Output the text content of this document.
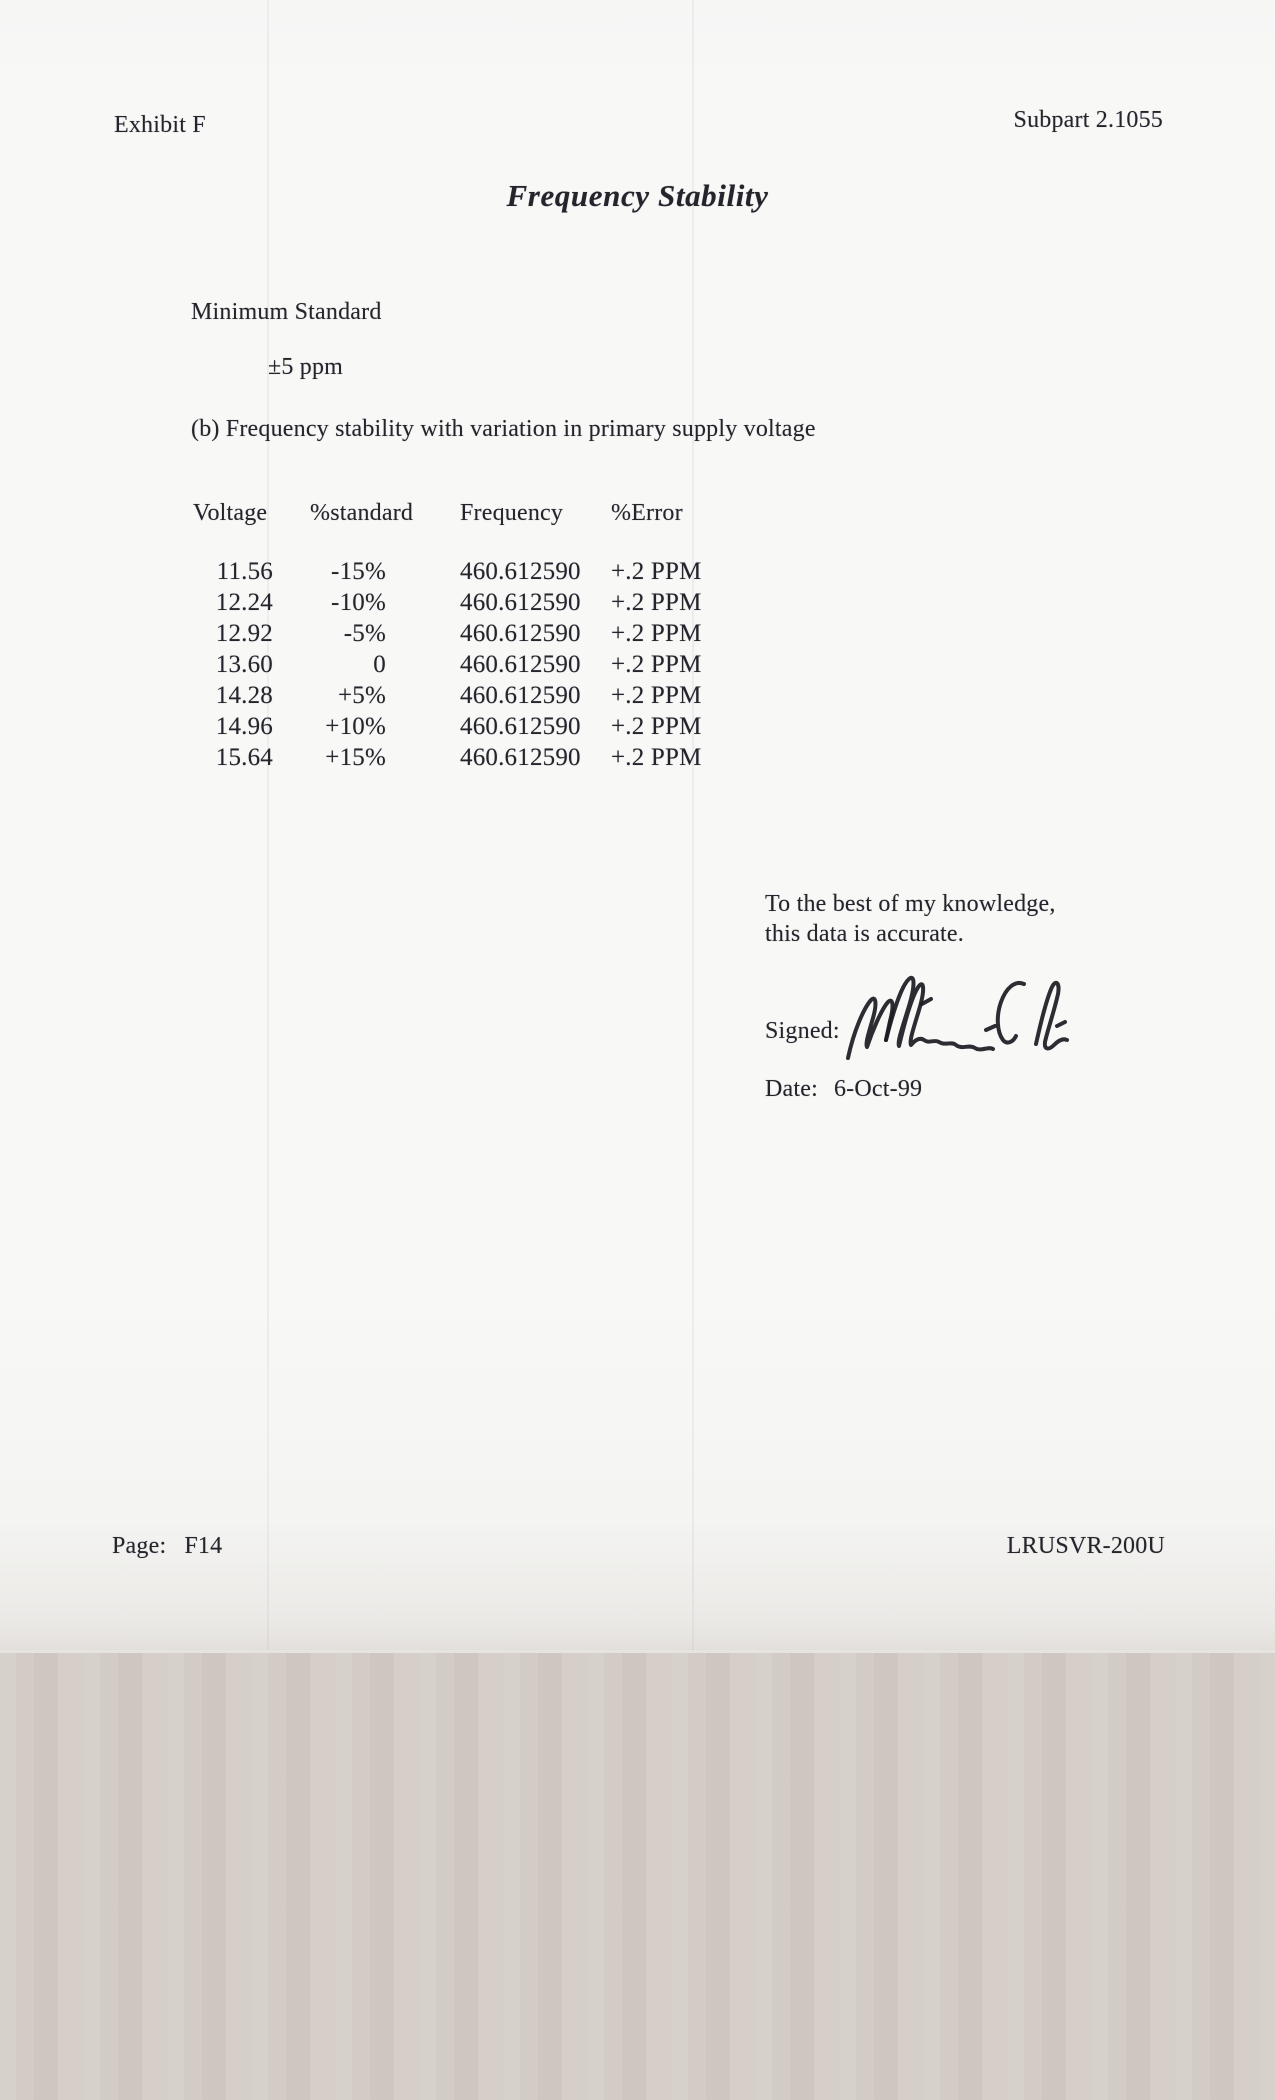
Exhibit F	Subpart 2.1055
Frequency Stability
Minimum Standard
±5 ppm
(b) Frequency stability with variation in primary supply voltage
Voltage	%standard	Frequency	%Error

11.56	-15%	460.612590	+.2 PPM
12.24	-10%	460.612590	+.2 PPM
12.92	-5%	460.612590	+.2 PPM
13.60	0	460.612590	+.2 PPM
14.28	+5%	460.612590	+.2 PPM
14.96	+10%	460.612590	+.2 PPM
15.64	+15%	460.612590	+.2 PPM
To the best of my knowledge,
this data is accurate.
Signed:
Date: 6-Oct-99
Page: F14	LRUSVR-200U
